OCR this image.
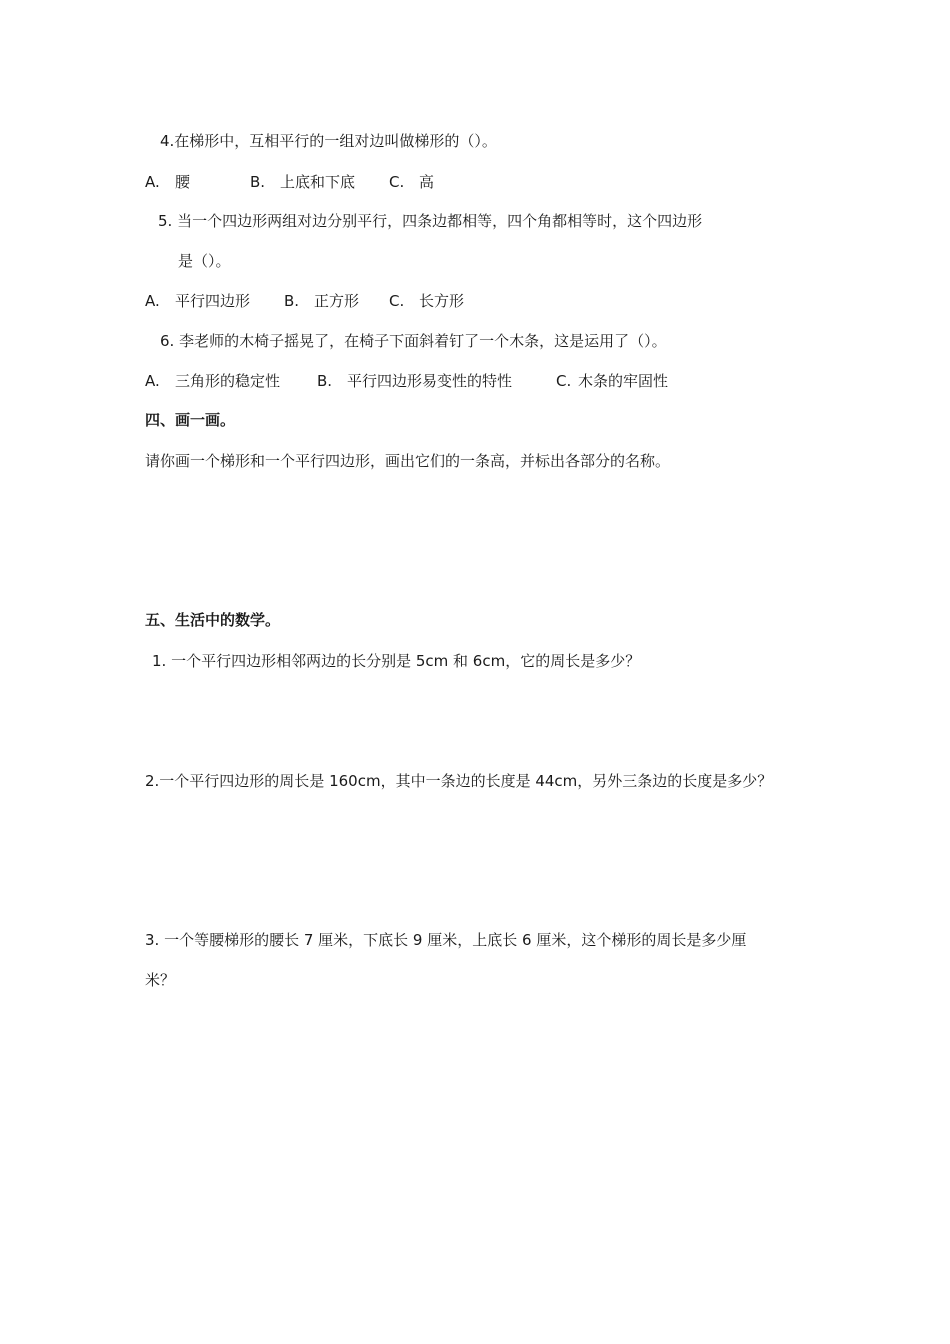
4.在梯形中，互相平行的一组对边叫做梯形的（）。
A. 腰	B. 上底和下底 C. 高
5. 当一个四边形两组对边分别平行，四条边都相等，四个角都相等时，这个四边形
是（）。
A. 平行四边形 B. 正方形 C. 长方形
6. 李老师的木椅子摇晃了，在椅子下面斜着钉了一个木条，这是运用了（）。
A. 三角形的稳定性 B. 平行四边形易变性的特性	C. 木条的牢固性
四、画一画。
请你画一个梯形和一个平行四边形，画出它们的一条高，并标出各部分的名称。
五、生活中的数学。
1. 一个平行四边形相邻两边的长分别是 5cm 和 6cm，它的周长是多少？
2.一个平行四边形的周长是 160cm，其中一条边的长度是 44cm，另外三条边的长度是多少？
3. 一个等腰梯形的腰长 7 厘米，下底长 9 厘米，上底长 6 厘米，这个梯形的周长是多少厘
米？
